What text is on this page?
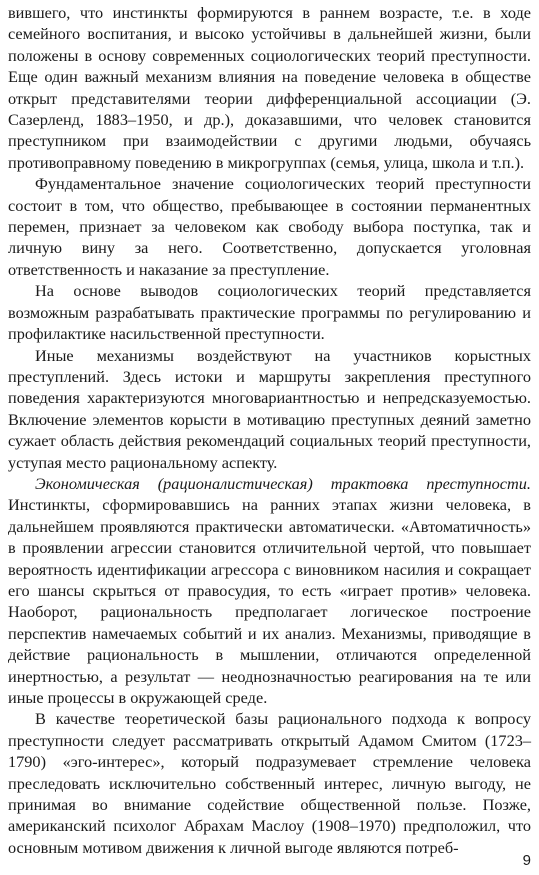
вившего, что инстинкты формируются в раннем возрасте, т.е. в ходе семейного воспитания, и высоко устойчивы в дальнейшей жизни, были положены в основу современных социологических теорий преступности. Еще один важный механизм влияния на поведение человека в обществе открыт представителями теории дифференциальной ассоциации (Э. Сазерленд, 1883–1950, и др.), доказавшими, что человек становится преступником при взаимодействии с другими людьми, обучаясь противоправному поведению в микрогруппах (семья, улица, школа и т.п.).

Фундаментальное значение социологических теорий преступности состоит в том, что общество, пребывающее в состоянии перманентных перемен, признает за человеком как свободу выбора поступка, так и личную вину за него. Соответственно, допускается уголовная ответственность и наказание за преступление.

На основе выводов социологических теорий представляется возможным разрабатывать практические программы по регулированию и профилактике насильственной преступности.

Иные механизмы воздействуют на участников корыстных преступлений. Здесь истоки и маршруты закрепления преступного поведения характеризуются многовариантностью и непредсказуемостью. Включение элементов корысти в мотивацию преступных деяний заметно сужает область действия рекомендаций социальных теорий преступности, уступая место рациональному аспекту.

Экономическая (рационалистическая) трактовка преступности. Инстинкты, сформировавшись на ранних этапах жизни человека, в дальнейшем проявляются практически автоматически. «Автоматичность» в проявлении агрессии становится отличительной чертой, что повышает вероятность идентификации агрессора с виновником насилия и сокращает его шансы скрыться от правосудия, то есть «играет против» человека. Наоборот, рациональность предполагает логическое построение перспектив намечаемых событий и их анализ. Механизмы, приводящие в действие рациональность в мышлении, отличаются определенной инертностью, а результат — неоднозначностью реагирования на те или иные процессы в окружающей среде.

В качестве теоретической базы рационального подхода к вопросу преступности следует рассматривать открытый Адамом Смитом (1723–1790) «эго-интерес», который подразумевает стремление человека преследовать исключительно собственный интерес, личную выгоду, не принимая во внимание содействие общественной пользе. Позже, американский психолог Абрахам Маслоу (1908–1970) предположил, что основным мотивом движения к личной выгоде являются потреб-

9
